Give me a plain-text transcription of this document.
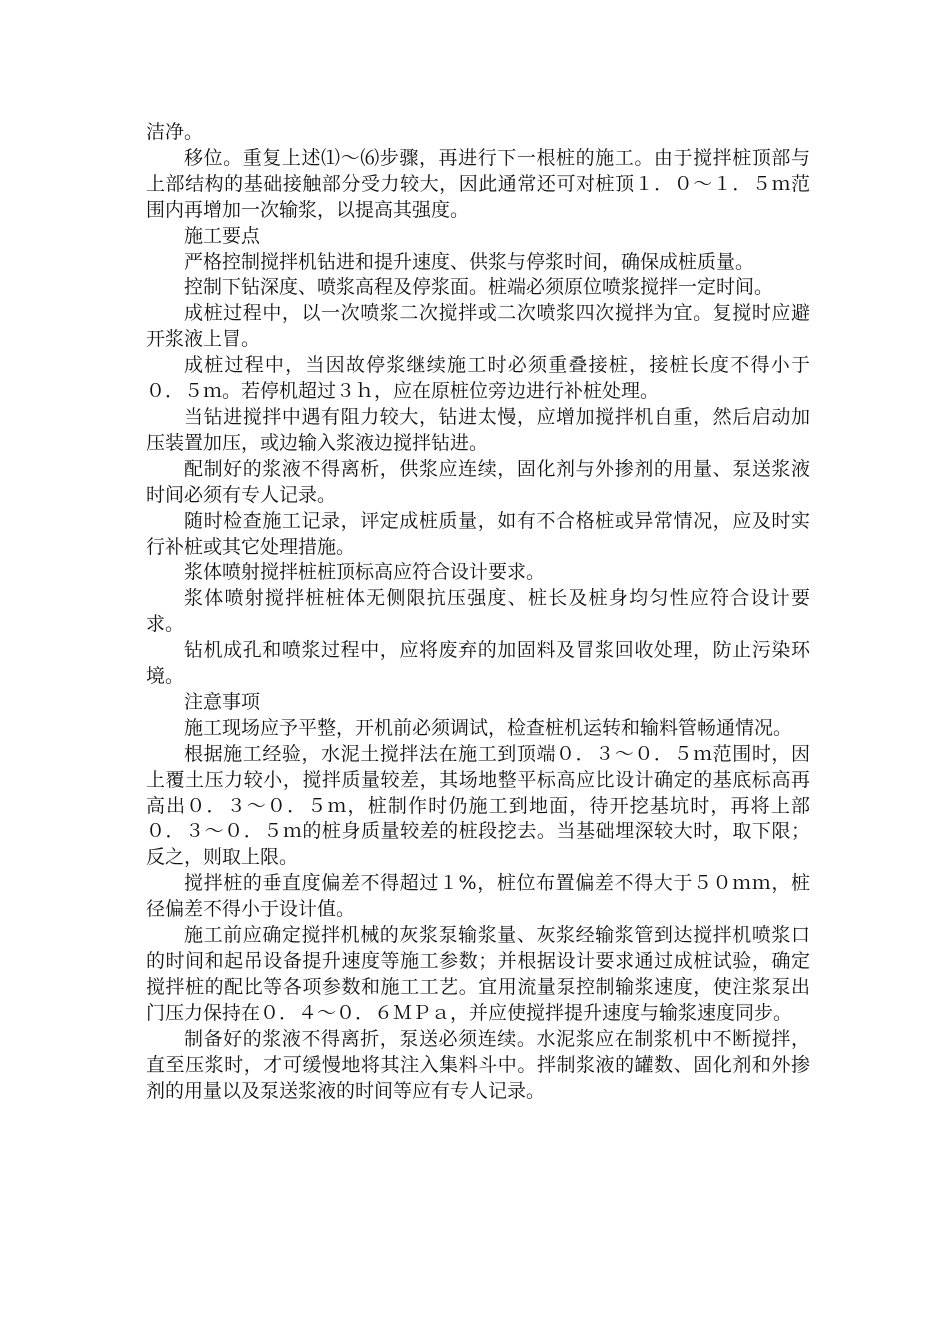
洁净。

移位。重复上述⑴～⑹步骤，再进行下一根桩的施工。由于搅拌桩顶部与上部结构的基础接触部分受力较大，因此通常还可对桩顶１．０～１．５ｍ范围内再增加一次输浆，以提高其强度。

施工要点

严格控制搅拌机钻进和提升速度、供浆与停浆时间，确保成桩质量。

控制下钻深度、喷浆高程及停浆面。桩端必须原位喷浆搅拌一定时间。

成桩过程中，以一次喷浆二次搅拌或二次喷浆四次搅拌为宜。复搅时应避开浆液上冒。

成桩过程中，当因故停浆继续施工时必须重叠接桩，接桩长度不得小于０．５ｍ。若停机超过３ｈ，应在原桩位旁边进行补桩处理。

当钻进搅拌中遇有阻力较大，钻进太慢，应增加搅拌机自重，然后启动加压装置加压，或边输入浆液边搅拌钻进。

配制好的浆液不得离析，供浆应连续，固化剂与外掺剂的用量、泵送浆液时间必须有专人记录。

随时检查施工记录，评定成桩质量，如有不合格桩或异常情况，应及时实行补桩或其它处理措施。

浆体喷射搅拌桩桩顶标高应符合设计要求。

浆体喷射搅拌桩桩体无侧限抗压强度、桩长及桩身均匀性应符合设计要求。

钻机成孔和喷浆过程中，应将废弃的加固料及冒浆回收处理，防止污染环境。

注意事项

施工现场应予平整，开机前必须调试，检查桩机运转和输料管畅通情况。

根据施工经验，水泥土搅拌法在施工到顶端０．３～０．５ｍ范围时，因上覆土压力较小，搅拌质量较差，其场地整平标高应比设计确定的基底标高再高出０．３～０．５ｍ，桩制作时仍施工到地面，待开挖基坑时，再将上部０．３～０．５ｍ的桩身质量较差的桩段挖去。当基础埋深较大时，取下限；反之，则取上限。

搅拌桩的垂直度偏差不得超过１%，桩位布置偏差不得大于５０ｍｍ，桩径偏差不得小于设计值。

施工前应确定搅拌机械的灰浆泵输浆量、灰浆经输浆管到达搅拌机喷浆口的时间和起吊设备提升速度等施工参数；并根据设计要求通过成桩试验，确定搅拌桩的配比等各项参数和施工工艺。宜用流量泵控制输浆速度，使注浆泵出门压力保持在０．４～０．６ＭＰａ，并应使搅拌提升速度与输浆速度同步。

制备好的浆液不得离折，泵送必须连续。水泥浆应在制浆机中不断搅拌，直至压浆时，才可缓慢地将其注入集料斗中。拌制浆液的罐数、固化剂和外掺剂的用量以及泵送浆液的时间等应有专人记录。
